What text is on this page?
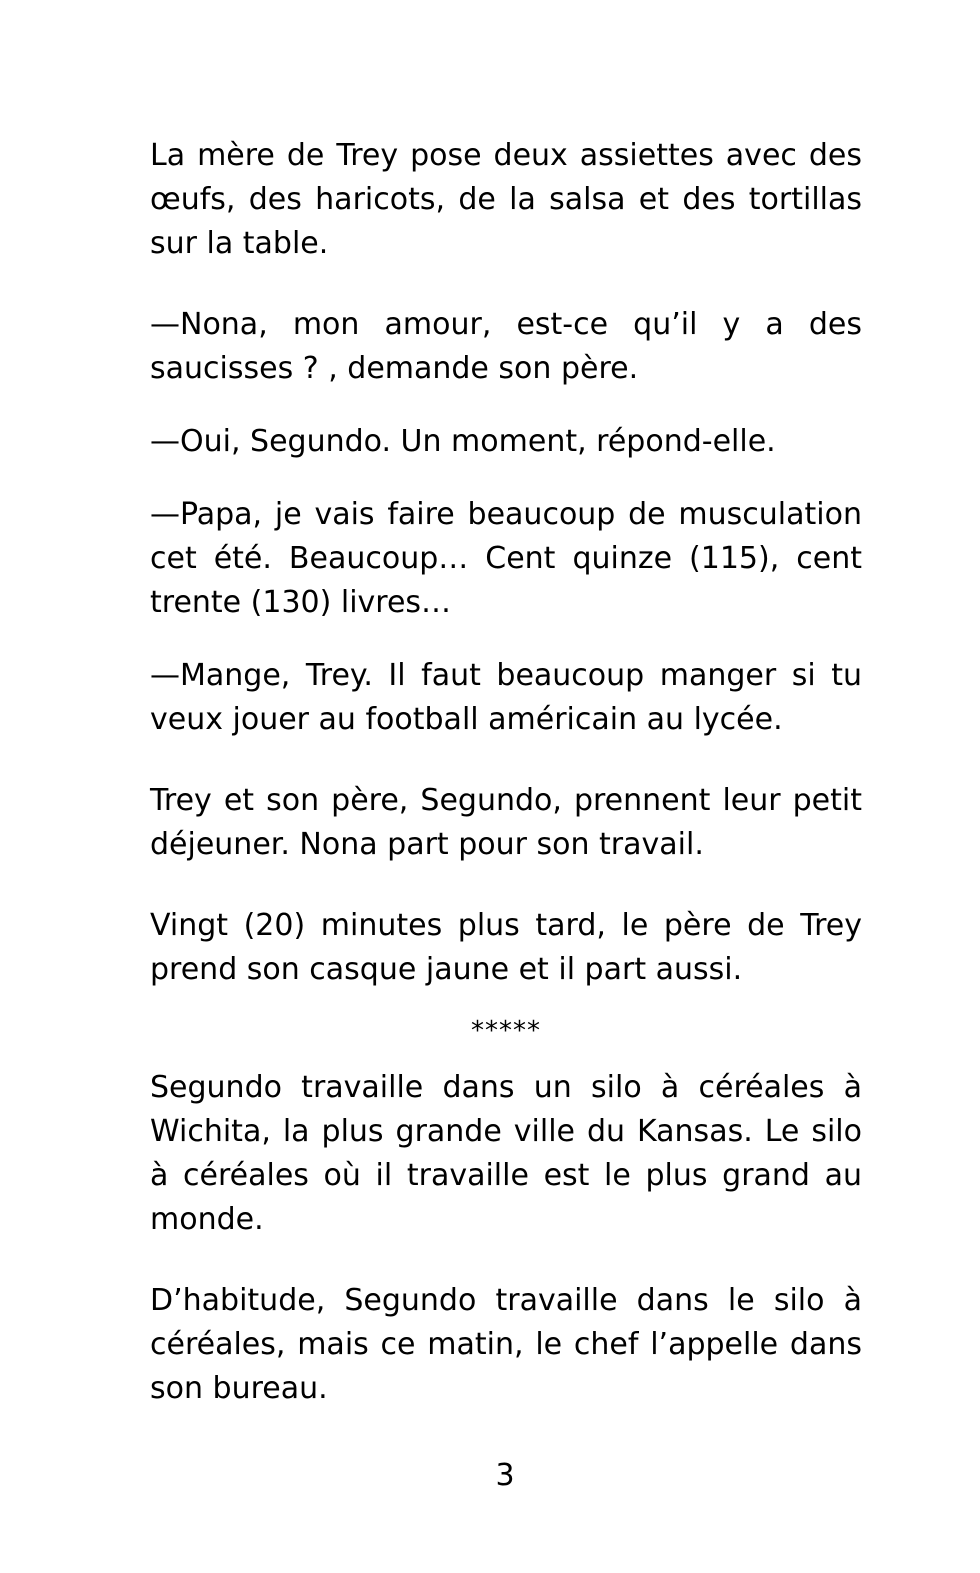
La mère de Trey pose deux assiettes avec des œufs, des haricots, de la salsa et des tortillas sur la table.

—Nona, mon amour, est-ce qu’il y a des saucisses ? , demande son père.

—Oui, Segundo. Un moment, répond-elle.

—Papa, je vais faire beaucoup de musculation cet été. Beaucoup… Cent quinze (115), cent trente (130) livres…

—Mange, Trey. Il faut beaucoup manger si tu veux jouer au football américain au lycée.

Trey et son père, Segundo, prennent leur petit déjeuner. Nona part pour son travail.

Vingt (20) minutes plus tard, le père de Trey prend son casque jaune et il part aussi.

*****

Segundo travaille dans un silo à céréales à Wichita, la plus grande ville du Kansas. Le silo à céréales où il travaille est le plus grand au monde.

D’habitude, Segundo travaille dans le silo à céréales, mais ce matin, le chef l’appelle dans son bureau.

3
